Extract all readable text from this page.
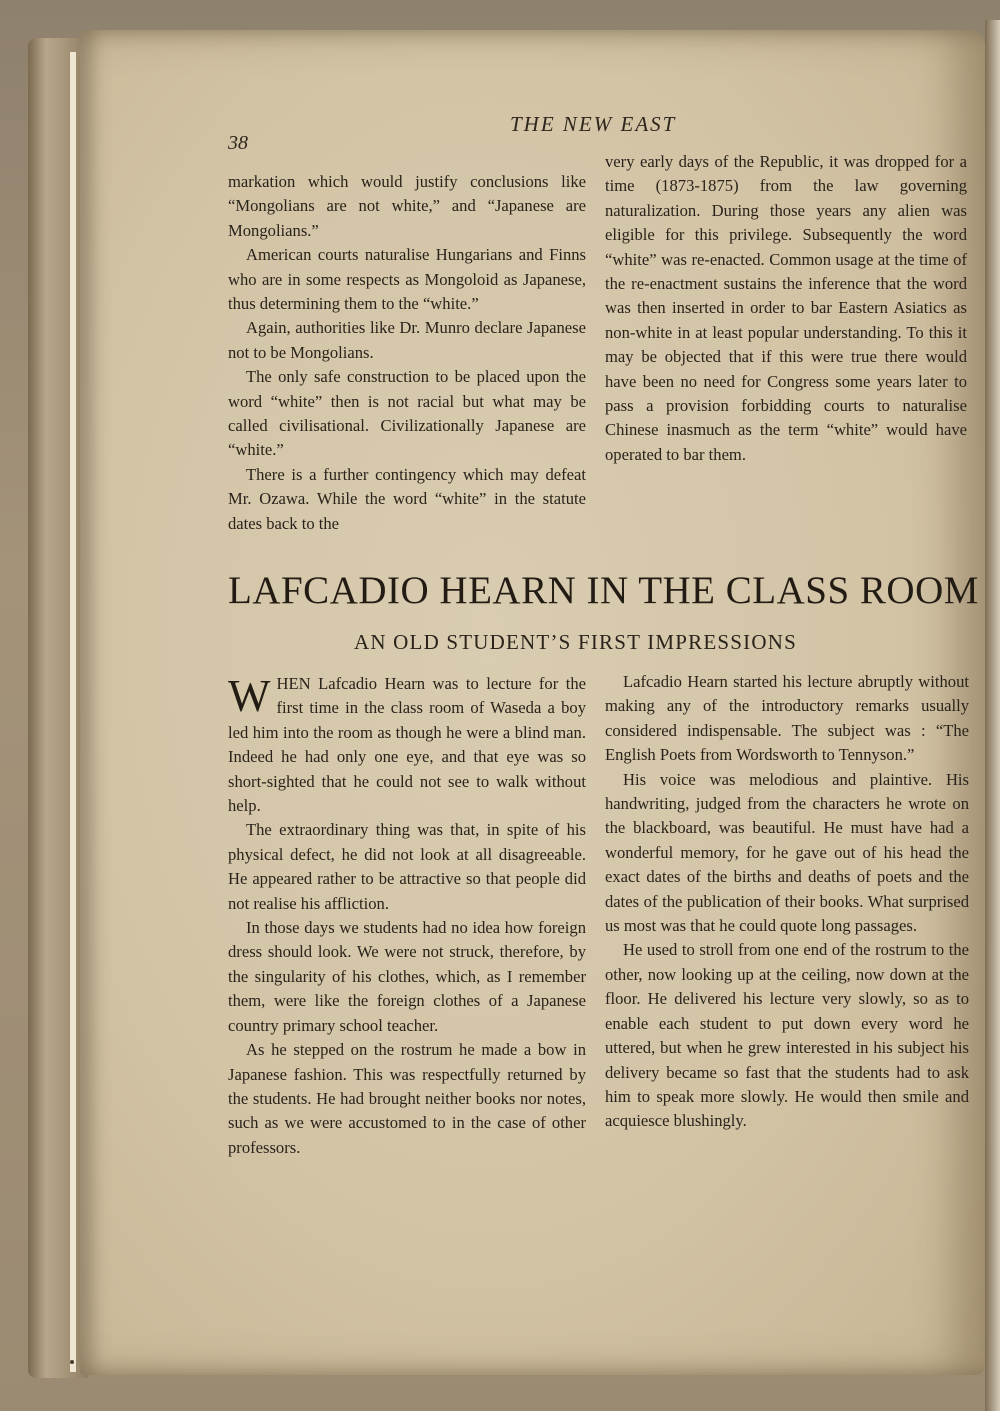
38
THE NEW EAST

markation which would justify conclusions like “Mongolians are not white,” and “Japanese are Mongolians.”

American courts naturalise Hungarians and Finns who are in some respects as Mongoloid as Japanese, thus determining them to the “white.”

Again, authorities like Dr. Munro declare Japanese not to be Mongolians.

The only safe construction to be placed upon the word “white” then is not racial but what may be called civilisational. Civilizationally Japanese are “white.”

There is a further contingency which may defeat Mr. Ozawa. While the word “white” in the statute dates back to the

very early days of the Republic, it was dropped for a time (1873-1875) from the law governing naturalization. During those years any alien was eligible for this privilege. Subsequently the word “white” was re-enacted. Common usage at the time of the re-enactment sustains the inference that the word was then inserted in order to bar Eastern Asiatics as non-white in at least popular understanding. To this it may be objected that if this were true there would have been no need for Congress some years later to pass a provision forbidding courts to naturalise Chinese inasmuch as the term “white” would have operated to bar them.

LAFCADIO HEARN IN THE CLASS ROOM
AN OLD STUDENT’S FIRST IMPRESSIONS

WHEN Lafcadio Hearn was to lecture for the first time in the class room of Waseda a boy led him into the room as though he were a blind man. Indeed he had only one eye, and that eye was so short-sighted that he could not see to walk without help.

The extraordinary thing was that, in spite of his physical defect, he did not look at all disagreeable. He appeared rather to be attractive so that people did not realise his affliction.

In those days we students had no idea how foreign dress should look. We were not struck, therefore, by the singularity of his clothes, which, as I remember them, were like the foreign clothes of a Japanese country primary school teacher.

As he stepped on the rostrum he made a bow in Japanese fashion. This was respectfully returned by the students. He had brought neither books nor notes, such as we were accustomed to in the case of other professors.

Lafcadio Hearn started his lecture abruptly without making any of the introductory remarks usually considered indispensable. The subject was : “The English Poets from Wordsworth to Tennyson.”

His voice was melodious and plaintive. His handwriting, judged from the characters he wrote on the blackboard, was beautiful. He must have had a wonderful memory, for he gave out of his head the exact dates of the births and deaths of poets and the dates of the publication of their books. What surprised us most was that he could quote long passages.

He used to stroll from one end of the rostrum to the other, now looking up at the ceiling, now down at the floor. He delivered his lecture very slowly, so as to enable each student to put down every word he uttered, but when he grew interested in his subject his delivery became so fast that the students had to ask him to speak more slowly. He would then smile and acquiesce blushingly.
